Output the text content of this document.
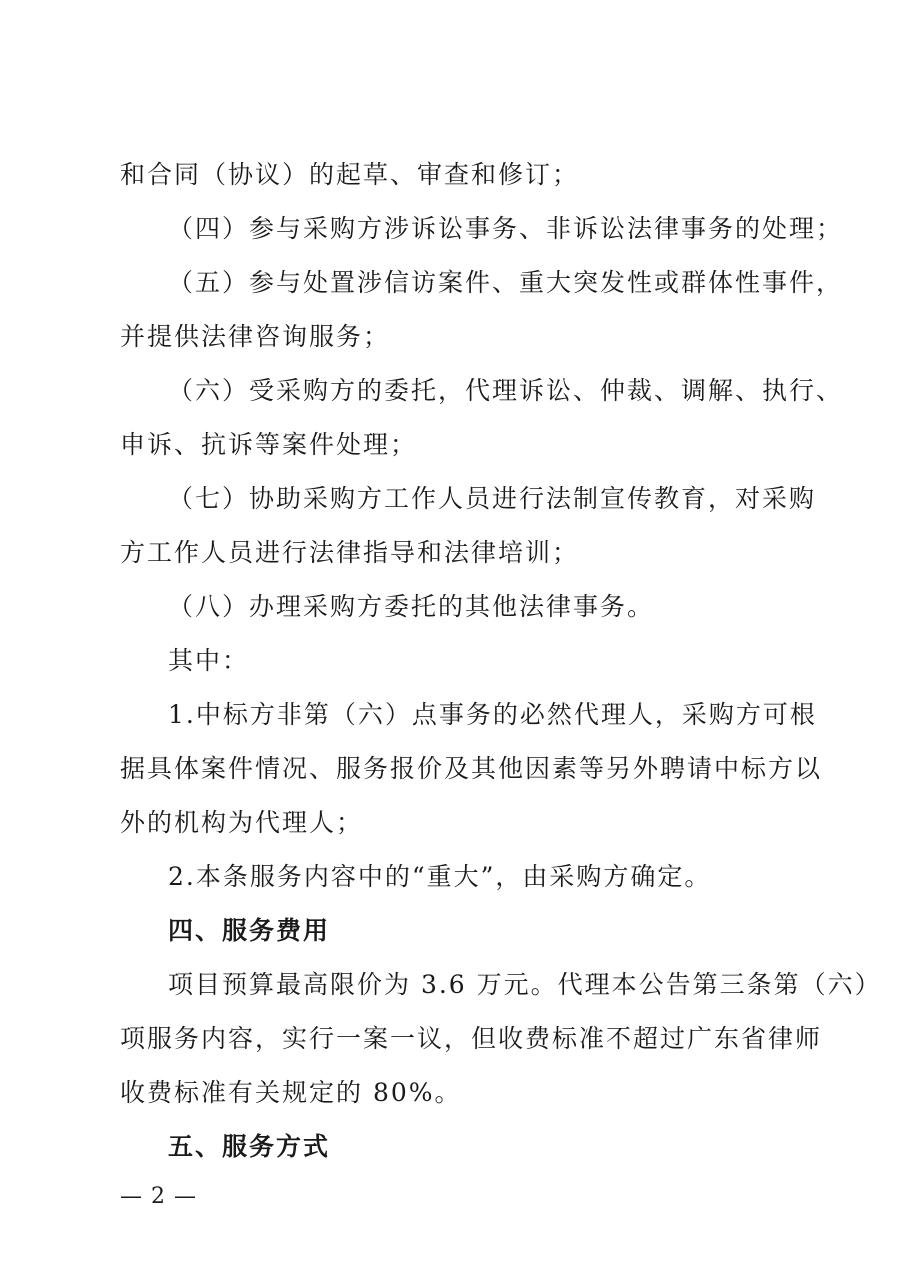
和合同（协议）的起草、审查和修订；
（四）参与采购方涉诉讼事务、非诉讼法律事务的处理；
（五）参与处置涉信访案件、重大突发性或群体性事件，
并提供法律咨询服务；
（六）受采购方的委托，代理诉讼、仲裁、调解、执行、
申诉、抗诉等案件处理；
（七）协助采购方工作人员进行法制宣传教育，对采购
方工作人员进行法律指导和法律培训；
（八）办理采购方委托的其他法律事务。
其中：
1.中标方非第（六）点事务的必然代理人，采购方可根
据具体案件情况、服务报价及其他因素等另外聘请中标方以
外的机构为代理人；
2.本条服务内容中的“重大”，由采购方确定。
四、服务费用
项目预算最高限价为 3.6 万元。代理本公告第三条第（六）
项服务内容，实行一案一议，但收费标准不超过广东省律师
收费标准有关规定的 80%。
五、服务方式
— 2 —
